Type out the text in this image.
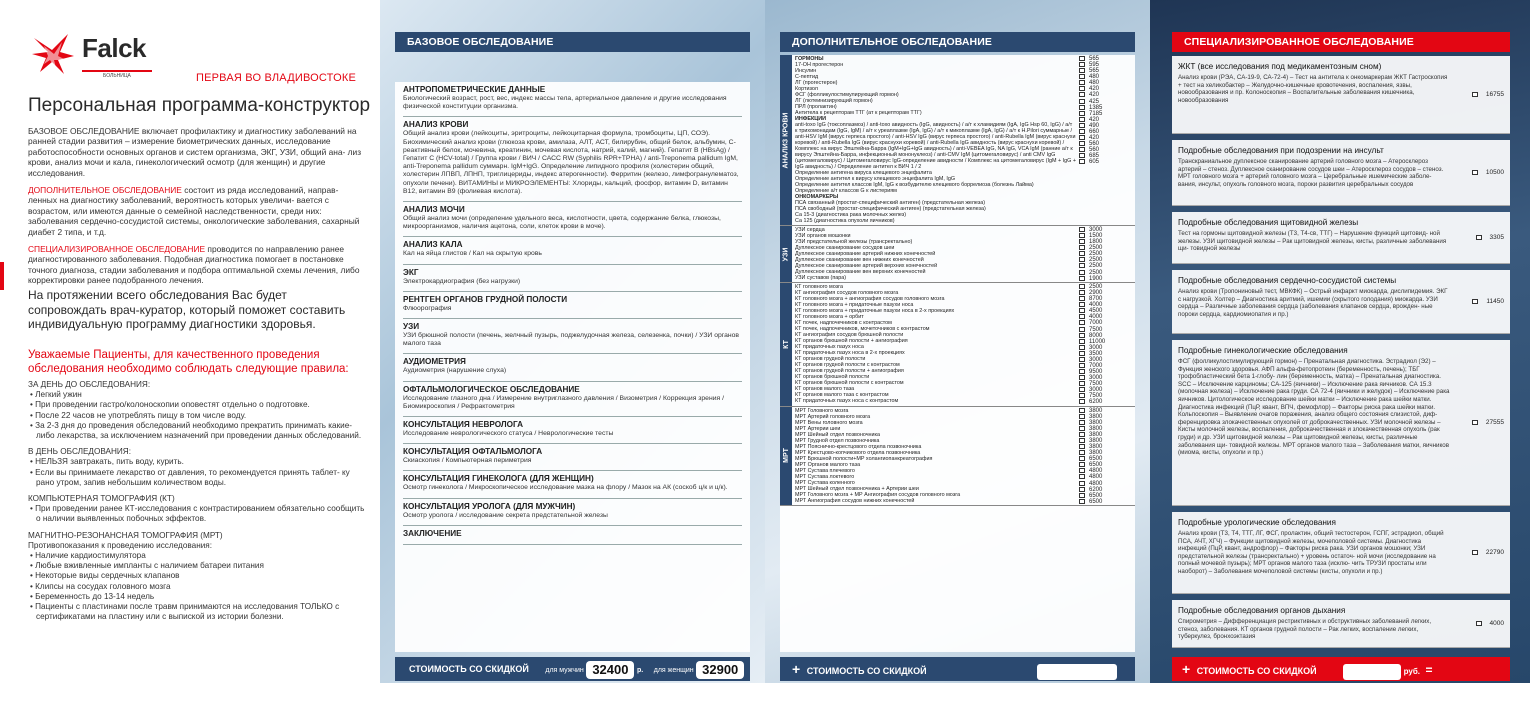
Falck
БОЛЬНИЦА	ПЕРВАЯ ВО ВЛАДИВОСТОКЕ
Персональная программа-конструктор

БАЗОВОЕ ОБСЛЕДОВАНИЕ включает профилактику и диагностику заболеваний на ранней стадии развития – измерение биометрических данных, исследование работоспособности основных органов и систем организма, ЭКГ, УЗИ, общий ана- лиз крови, анализ мочи и кала, гинекологический осмотр (для женщин) и другие исследования.

ДОПОЛНИТЕЛЬНОЕ ОБСЛЕДОВАНИЕ состоит из ряда исследований, направ- ленных на диагностику заболеваний, вероятность которых увеличи- вается с возрастом, или имеются данные о семейной наследственности, среди них: заболевания сердечно-сосудистой системы, онкологические заболевания, сахарный диабет 2 типа, и т.д.

СПЕЦИАЛИЗИРОВАННОЕ ОБСЛЕДОВАНИЕ проводится по направлению ранее диагностированного заболевания. Подобная диагностика помогает в постановке точного диагноза, стадии заболевания и подбора оптимальной схемы лечения, либо корректировки ранее подобранного лечения.

На протяжении всего обследования Вас будет сопровождать врач-куратор, который поможет составить индивидуальную программу диагностики здоровья.
Уважаемые Пациенты, для качественного проведения обследования необходимо соблюдать следующие правила:
ЗА ДЕНЬ ДО ОБСЛЕДОВАНИЯ:
• Легкий ужин
• При проведении гастро/колоноскопии оповестят отдельно о подготовке.
• После 22 часов не употреблять пищу в том числе воду.
• За 2-3 дня до проведения обследований необходимо прекратить принимать какие-либо лекарства, за исключением назначений при проведении данных обследований.
В ДЕНЬ ОБСЛЕДОВАНИЯ:
• НЕЛЬЗЯ завтракать, пить воду, курить.
• Если вы принимаете лекарство от давления, то рекомендуется принять таблет- ку рано утром, запив небольшим количеством воды.
КОМПЬЮТЕРНАЯ ТОМОГРАФИЯ (КТ)
• При проведении ранее КТ-исследования с контрастированием обязательно сообщить о наличии выявленных побочных эффектов.
МАГНИТНО-РЕЗОНАНСНАЯ ТОМОГРАФИЯ (МРТ)
Противопоказания к проведению исследования:
• Наличие кардиостимулятора
• Любые вживленные импланты с наличием батареи питания
• Некоторые виды сердечных клапанов
• Клипсы на сосудах головного мозга
• Беременность до 13-14 недель
• Пациенты с пластинами после травм принимаются на исследования ТОЛЬКО с сертификатами на пластину или с выпиской из истории болезни.
БАЗОВОЕ ОБСЛЕДОВАНИЕ
АНТРОПОМЕТРИЧЕСКИЕ ДАННЫЕ
Биологический возраст, рост, вес, индекс массы тела, артериальное давление и другие исследования физической конституции организма.
АНАЛИЗ КРОВИ
Общий анализ крови (лейкоциты, эритроциты, лейкоцитарная формула, тромбоциты, ЦП, СОЭ). Биохимический анализ крови (глюкоза крови, амилаза, АЛТ, АСТ, билирубин, общий белок, альбумин, С-реактивный белок, мочевина, креатинин, мочевая кислота, натрий, калий, магний). Гепатит В (HBsAg) / Гепатит С (HCV-total) / Группа крови / ВИЧ / САСС RW (Syphilis RPR+TPHA) / anti-Treponema pallidum IgM, anti-Treponema pallidum суммарн. IgM+IgG. Определение липидного профиля (холестерин общий, холестерин ЛПВП, ЛПНП, триглицериды, индекс атерогенности). Ферритин (железо, лимфогранулематоз, опухоли печени). ВИТАМИНЫ и МИКРОЭЛЕМЕНТЫ: Хлориды, кальций, фосфор, витамин D, витамин В12, витамин В9 (фолиевая кислота).
АНАЛИЗ МОЧИ
Общий анализ мочи (определение удельного веса, кислотности, цвета, содержание белка, глюкозы, микроорганизмов, наличия ацетона, соли, клеток крови в моче).
АНАЛИЗ КАЛА
Кал на яйца глистов / Кал на скрытую кровь
ЭКГ
Электрокардиография (без нагрузки)
РЕНТГЕН ОРГАНОВ ГРУДНОЙ ПОЛОСТИ
Флюорография
УЗИ
УЗИ брюшной полости (печень, желчный пузырь, поджелудочная железа, селезенка, почки) / УЗИ органов малого таза
АУДИОМЕТРИЯ
Аудиометрия (нарушение слуха)
ОФТАЛЬМОЛОГИЧЕСКОЕ ОБСЛЕДОВАНИЕ
Исследование глазного дна / Измерение внутриглазного давления / Визометрия / Коррекция зрения / Биомикроскопия / Рефрактометрия
КОНСУЛЬТАЦИЯ НЕВРОЛОГА
Исследование неврологического статуса / Неврологические тесты
КОНСУЛЬТАЦИЯ ОФТАЛЬМОЛОГА
Скиаскопия / Компьютерная периметрия
КОНСУЛЬТАЦИЯ ГИНЕКОЛОГА (ДЛЯ ЖЕНЩИН)
Осмотр гинеколога / Микроскопическое исследование мазка на флору / Мазок на АК (соскоб ц/к и ц/к).
КОНСУЛЬТАЦИЯ УРОЛОГА (ДЛЯ МУЖЧИН)
Осмотр уролога / исследование секрета предстательной железы
ЗАКЛЮЧЕНИЕ
СТОИМОСТЬ СО СКИДКОЙ для мужчин 32400 р. для женщин 32900 р.
ДОПОЛНИТЕЛЬНОЕ ОБСЛЕДОВАНИЕ
АНАЛИЗ КРОВИ
ГОРМОНЫ
17-ОН прогестерон
Инсулин
С-пептид
ЛГ (прогестерон)
Кортизол
ФСГ (фолликулостимулирующий гормон)
ЛГ (лютеинизирующий гормон)
ПРЛ (пролактин)
Антитела к рецепторам ТТГ (ат к рецепторам ТТГ)
ИНФЕКЦИИ
anti-toxo IgG (токсоплазмоз) / anti-toxo авидность (IgG, авидность) / а/т к хламидиям (IgA, IgG Hsp 60, IgG) / а/т к трихомонадам (IgG, IgM) / а/т к уреаплазме (IgA, IgG) / а/т к микоплазме (IgA, IgG) / а/т к H.Pilori суммарные / anti-HSV IgM (вирус герпеса простого) / anti-HSV IgG (вирус герпеса простого) / anti-Rubella IgM (вирус краснухи коревой) / anti-Rubella IgG (вирус краснухи коревой) / anti-Rubella IgG авидность (вирус краснухи коревой) / Комплекс на вирус Эпштейна-Барра (IgM+IgG+IgG авидность) / anti-VEBEA IgG, NA IgG, VCA IgM (ранние а/т к вирусу Эпштейна-Барра, инфекционный мононуклеоз) / anti-CMV IgM (цитомегаловирус) / anti CMV IgG (цитомегаловирус) / Цитомегаловирус IgG-определение авидности / Комплекс на цитомегаловирус (IgM + IgG + IgG авидность) / Определение антител к ВИЧ 1 / 2
Определение антигена вируса клещевого энцефалита
Определение антител к вирусу клещевого энцефалита IgM, IgG
Определение антител классов IgM, IgG к возбудителю клещевого боррелиоза (болезнь Лайма)
Определение а/т классов G к листериям
ОНКОМАРКЕРЫ
ПСА связанный (простат-специфический антиген) (предстательная железа)
ПСА свободный (простат-специфический антиген) (предстательная железа)
Са 15-3 (диагностика рака молочных желез)
Са 125 (диагностика опухоли яичников)
565
595
565
480
480
420
420
425
1385
7185
420
490
660
420
560
560
685
605
УЗИ
УЗИ сердца
УЗИ органов мошонки
УЗИ предстательной железы (трансректально)
Дуплексное сканирование сосудов шеи
Дуплексное сканирование артерий нижних конечностей
Дуплексное сканирование вен нижних конечностей
Дуплексное сканирование артерий верхних конечностей
Дуплексное сканирование вен верхних конечностей
УЗИ суставов (пара)
3000
1500
1800
2500
2500
2500
2500
2500
1900
КТ
КТ головного мозга
КТ ангиография сосудов головного мозга
КТ головного мозга + ангиография сосудов головного мозга
КТ головного мозга + придаточные пазухи носа
КТ головного мозга + придаточные пазухи носа в 2-х проекциях
КТ головного мозга + орбит
КТ почек, надпочечников с контрастом
КТ почек, надпочечников, мочеточников с контрастом
КТ ангиография сосудов брюшной полости
КТ органов брюшной полости + ангиография
КТ придаточных пазух носа
КТ придаточных пазух носа в 2-х проекциях
КТ органов грудной полости
КТ органов грудной полости с контрастом
КТ органов грудной полости + ангиография
КТ органов брюшной полости
КТ органов брюшной полости с контрастом
КТ органов малого таза
КТ органов малого таза с контрастом
КТ придаточных пазух носа с контрастом
2500
2900
8700
4000
4500
4000
7000
7500
8000
11000
3000
3500
3000
7000
9500
3000
7500
3000
7500
6200
МРТ
МРТ Головного мозга
МРТ Артерий головного мозга
МРТ Вены головного мозга
МРТ Артерии шеи
МРТ Шейный отдел позвоночника
МРТ Грудной отдел позвоночника
МРТ Пояснично-крестцового отдела позвоночника
МРТ Крестцово-копчикового отдела позвоночника
МРТ Брюшной полости+МР холангиопанкреатография
МРТ Органов малого таза
МРТ Сустава плечевого
МРТ Сустава локтевого
МРТ Сустава коленного
МРТ Шейный отдел позвоночника + Артерии шеи
МРТ Головного мозга + МР Ангиография сосудов головного мозга
МРТ Ангиография сосудов нижних конечностей
3800
3800
3800
3800
3800
3800
3800
3800
6500
6500
4800
4800
4800
6200
6500
6500
+ СТОИМОСТЬ СО СКИДКОЙ  руб.
СПЕЦИАЛИЗИРОВАННОЕ ОБСЛЕДОВАНИЕ
ЖКТ (все исследования под медикаментозным сном)
Анализ крови (РЭА, СА-19-9, СА-72-4) – Тест на антитела к онкомаркерам ЖКТ Гастроскопия + тест на хеликобактер – Желудочно-кишечные кровотечения, воспаления, язвы, новообразования и пр. Колоноскопия – Воспалительные заболевания кишечника, новообразования
16755
Подробные обследования при подозрении на инсульт
Транскраниальное дуплексное сканирование артерий головного мозга – Атеросклероз артерий – стеноз. Дуплексное сканирование сосудов шеи – Атеросклероз сосудов – стеноз. МРТ головного мозга + артерий головного мозга – Церебральные ишемические заболе- вания, инсульт, опухоль головного мозга, пороки развития церебральных сосудов
10500
Подробные обследования щитовидной железы
Тест на гормоны щитовидной железы (Т3, Т4-св, ТТГ) – Нарушение функций щитовид- ной железы. УЗИ щитовидной железы – Рак щитовидной железы, кисты, различные заболевания щи- товидной железы
3305
Подробные обследования сердечно-сосудистой системы
Анализ крови (Тропониновый тест, МВКФК) – Острый инфаркт миокарда, дислипидемия. ЭКГ с нагрузкой. Холтер – Диагностика аритмий, ишемии (скрытого голодания) миокарда. УЗИ сердца – Различные заболевания сердца (заболевания клапанов сердца, врожден- ные пороки сердца, кардиомиопатия и пр.)
11450
Подробные гинекологические обследования
ФСГ (фолликулостимулирующий гормон) – Пренатальная диагностика. Эстрадиол (Э2) – Функция женского здоровья. АФП альфа-фетопротеин (беременность, печень); ТБГ трофобластический бета 1-глобу- лин (беременность, матка) – Пренатальная диагностика. SCC – Исключение карциномы; СА-125 (яичники) – Исключение рака яичников. СА 15.3 (молочная железа) – Исключение рака груди. СА 72-4 (яичники и желудок) – Исключение рака яичников. Цитологическое исследование шейки матки – Исключение рака шейки матки. Диагностика инфекций (ПцР, квант, ВПЧ, фемофлор) – Факторы риска рака шейки матки. Кольпоскопия – Выявление очагов поражения, анализ общего состояния слизистой, диф- ференцировка злокачественных опухолей от доброкачественных. УЗИ молочной железы – Кисты молочной железы, воспаления, доброкачественная и злокачественная опухоль (рак груди) и др. УЗИ щитовидной железы – Рак щитовидной железы, кисты, различные заболевания щи- товидной железы. МРТ органов малого таза – Заболевания матки, яичников (миома, кисты, опухоли и пр.)
27555
Подробные урологические обследования
Анализ крови (Т3, Т4, ТТГ, ЛГ, ФСГ, пролактин, общий тестостерон, ГСПГ, эстрадиол, общий ПСА, АЧТ, ХГЧ) – Функции щитовидной железы, мочеполовой системы. Диагностика инфекций (ПцР, квант, андрофлор) – Факторы риска рака. УЗИ органов мошонки; УЗИ предстательной железы (трансректально) + уровень остаточ- ной мочи (исследование на полный мочевой пузырь); МРТ органов малого таза (исклю- чить ТРУЗИ простаты или наоборот) – Заболевания мочеполовой системы (кисты, опухоли и пр.)
22790
Подробные обследования органов дыхания
Спирометрия – Дифференциация рестриктивных и обструктивных заболеваний легких, стеноз, заболевания. КТ органов грудной полости – Рак легких, воспаление легких, туберкулез, бронхоэктазия
4000
+ СТОИМОСТЬ СО СКИДКОЙ	руб. =  руб.
